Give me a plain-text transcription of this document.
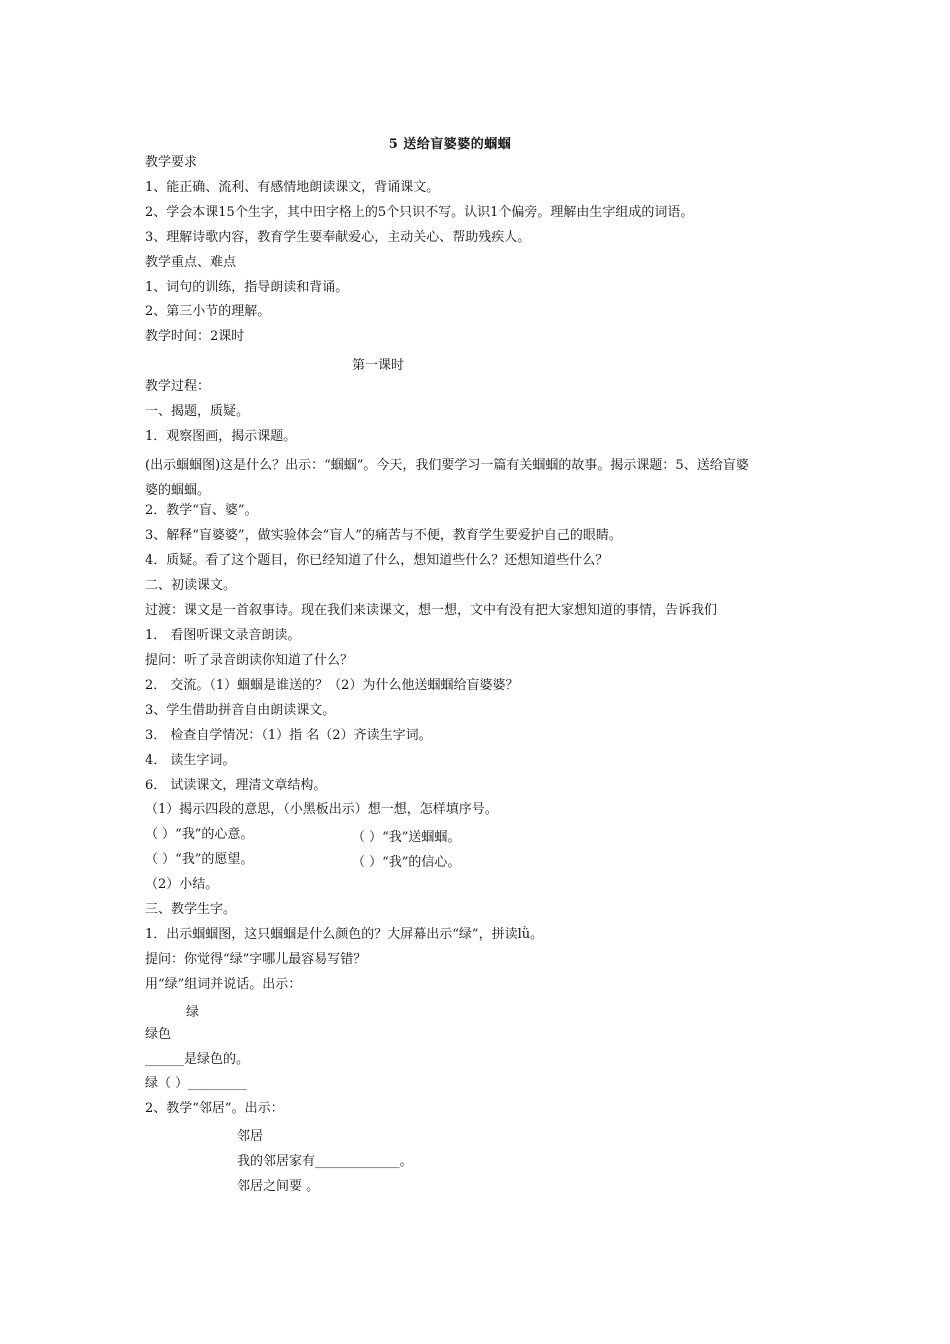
5 送给盲婆婆的蝈蝈
教学要求
1、能正确、流利、有感情地朗读课文，背诵课文。
2、学会本课15个生字，其中田字格上的5个只识不写。认识1个偏旁。理解由生字组成的词语。
3、理解诗歌内容，教育学生要奉献爱心，主动关心、帮助残疾人。
教学重点、难点
1、词句的训练，指导朗读和背诵。
2、第三小节的理解。
教学时间：2课时
第一课时
教学过程：
一、揭题，质疑。
1．观察图画，揭示课题。
(出示蝈蝈图)这是什么？出示：“蝈蝈”。今天，我们要学习一篇有关蝈蝈的故事。揭示课题：5、送给盲婆婆的蝈蝈。
2．教学“盲、婆”。
3、解释“盲婆婆”，做实验体会“盲人”的痛苦与不便，教育学生要爱护自己的眼睛。
4．质疑。看了这个题目，你已经知道了什么，想知道些什么？还想知道些什么？
二、初读课文。
过渡：课文是一首叙事诗。现在我们来读课文，想一想，文中有没有把大家想知道的事情，告诉我们
1． 看图听课文录音朗读。
提问：听了录音朗读你知道了什么？
2． 交流。（1）蝈蝈是谁送的？（2）为什么他送蝈蝈给盲婆婆？
3、学生借助拼音自由朗读课文。
3． 检查自学情况：（1）指 名（2）齐读生字词。
4． 读生字词。
6． 试读课文，理清文章结构。
（1）揭示四段的意思，（小黑板出示）想一想，怎样填序号。
（ ）“我”的心意。	（ ）“我”送蝈蝈。
（ ）“我”的愿望。	（ ）“我”的信心。
（2）小结。
三、教学生字。
1．出示蝈蝈图，这只蝈蝈是什么颜色的？大屏幕出示“绿”，拼读lǜ。
提问：你觉得“绿”字哪儿最容易写错？
用“绿”组词并说话。出示：
绿
绿色
______是绿色的。
绿（ ）_________
2、教学“邻居”。出示：
邻居
我的邻居家有_____________。
邻居之间要 。
